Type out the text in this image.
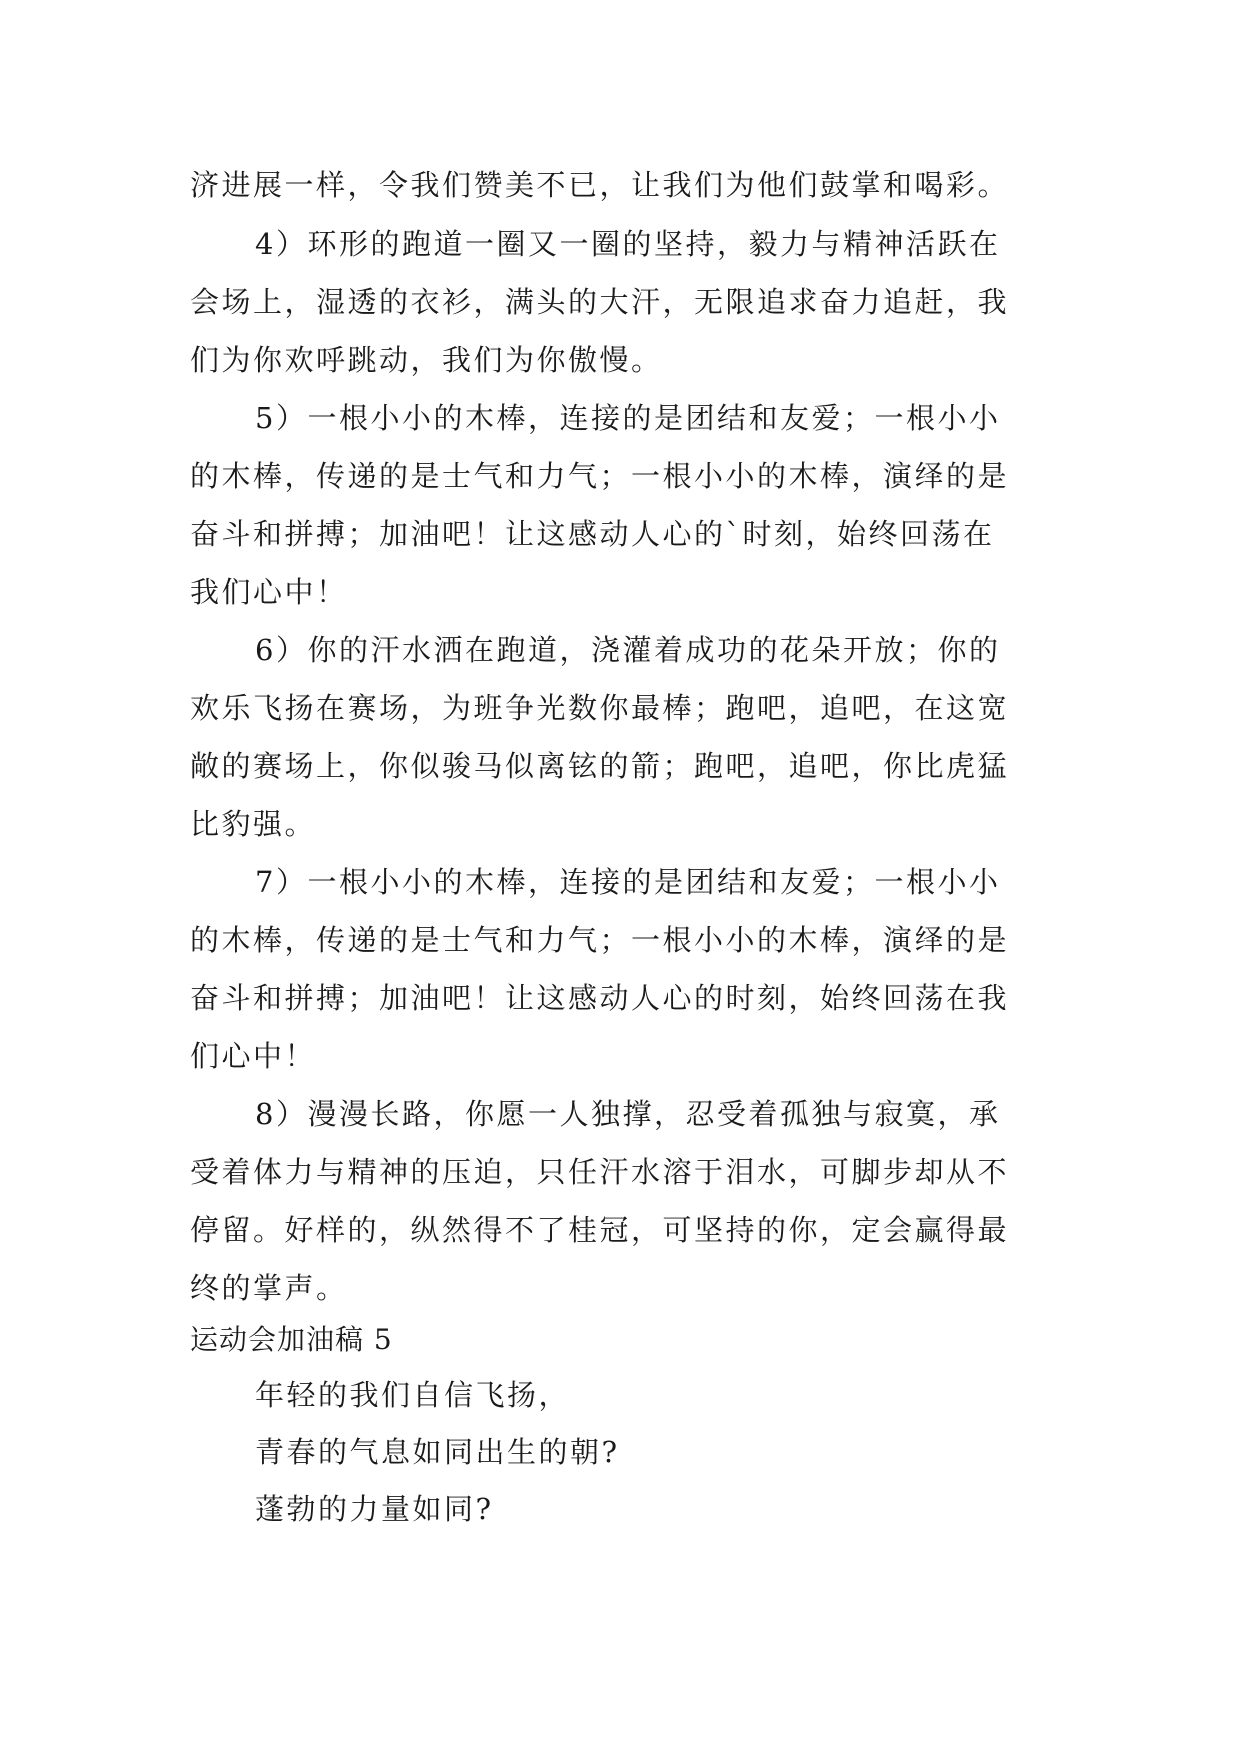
济进展一样，令我们赞美不已，让我们为他们鼓掌和喝彩。
4）环形的跑道一圈又一圈的坚持，毅力与精神活跃在
会场上，湿透的衣衫，满头的大汗，无限追求奋力追赶，我
们为你欢呼跳动，我们为你傲慢。
5）一根小小的木棒，连接的是团结和友爱；一根小小
的木棒，传递的是士气和力气；一根小小的木棒，演绎的是
奋斗和拼搏；加油吧！让这感动人心的`时刻，始终回荡在
我们心中！
6）你的汗水洒在跑道，浇灌着成功的花朵开放；你的
欢乐飞扬在赛场，为班争光数你最棒；跑吧，追吧，在这宽
敞的赛场上，你似骏马似离铉的箭；跑吧，追吧，你比虎猛
比豹强。
7）一根小小的木棒，连接的是团结和友爱；一根小小
的木棒，传递的是士气和力气；一根小小的木棒，演绎的是
奋斗和拼搏；加油吧！让这感动人心的时刻，始终回荡在我
们心中！
8）漫漫长路，你愿一人独撑，忍受着孤独与寂寞，承
受着体力与精神的压迫，只任汗水溶于泪水，可脚步却从不
停留。好样的，纵然得不了桂冠，可坚持的你，定会赢得最
终的掌声。
运动会加油稿 5
年轻的我们自信飞扬，
青春的气息如同出生的朝?
蓬勃的力量如同?
